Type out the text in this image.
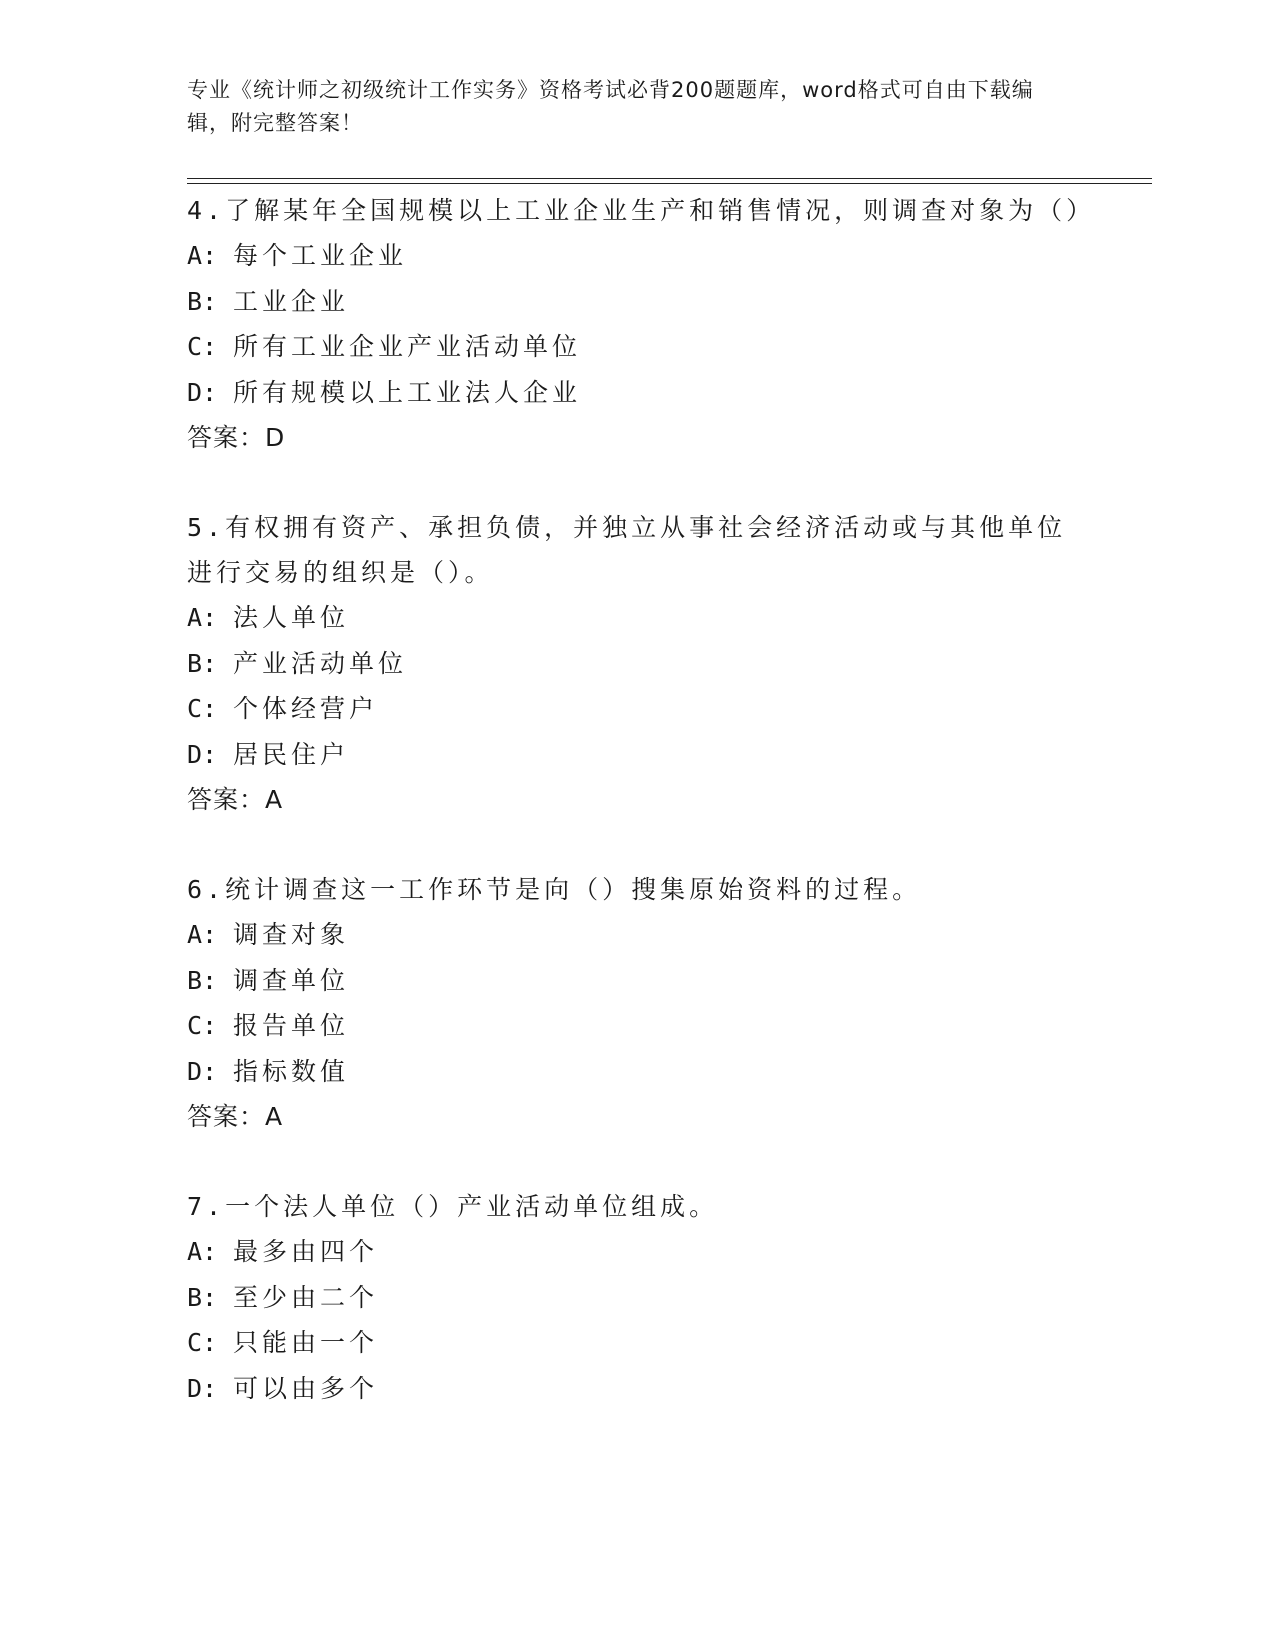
专业《统计师之初级统计工作实务》资格考试必背200题题库，word格式可自由下载编辑，附完整答案！

4.了解某年全国规模以上工业企业生产和销售情况，则调查对象为（）

A: 每个工业企业

B: 工业企业

C: 所有工业企业产业活动单位

D: 所有规模以上工业法人企业

答案：D

5.有权拥有资产、承担负债，并独立从事社会经济活动或与其他单位进行交易的组织是（）。

A: 法人单位

B: 产业活动单位

C: 个体经营户

D: 居民住户

答案：A

6.统计调查这一工作环节是向（）搜集原始资料的过程。

A: 调查对象

B: 调查单位

C: 报告单位

D: 指标数值

答案：A

7.一个法人单位（）产业活动单位组成。

A: 最多由四个

B: 至少由二个

C: 只能由一个

D: 可以由多个
